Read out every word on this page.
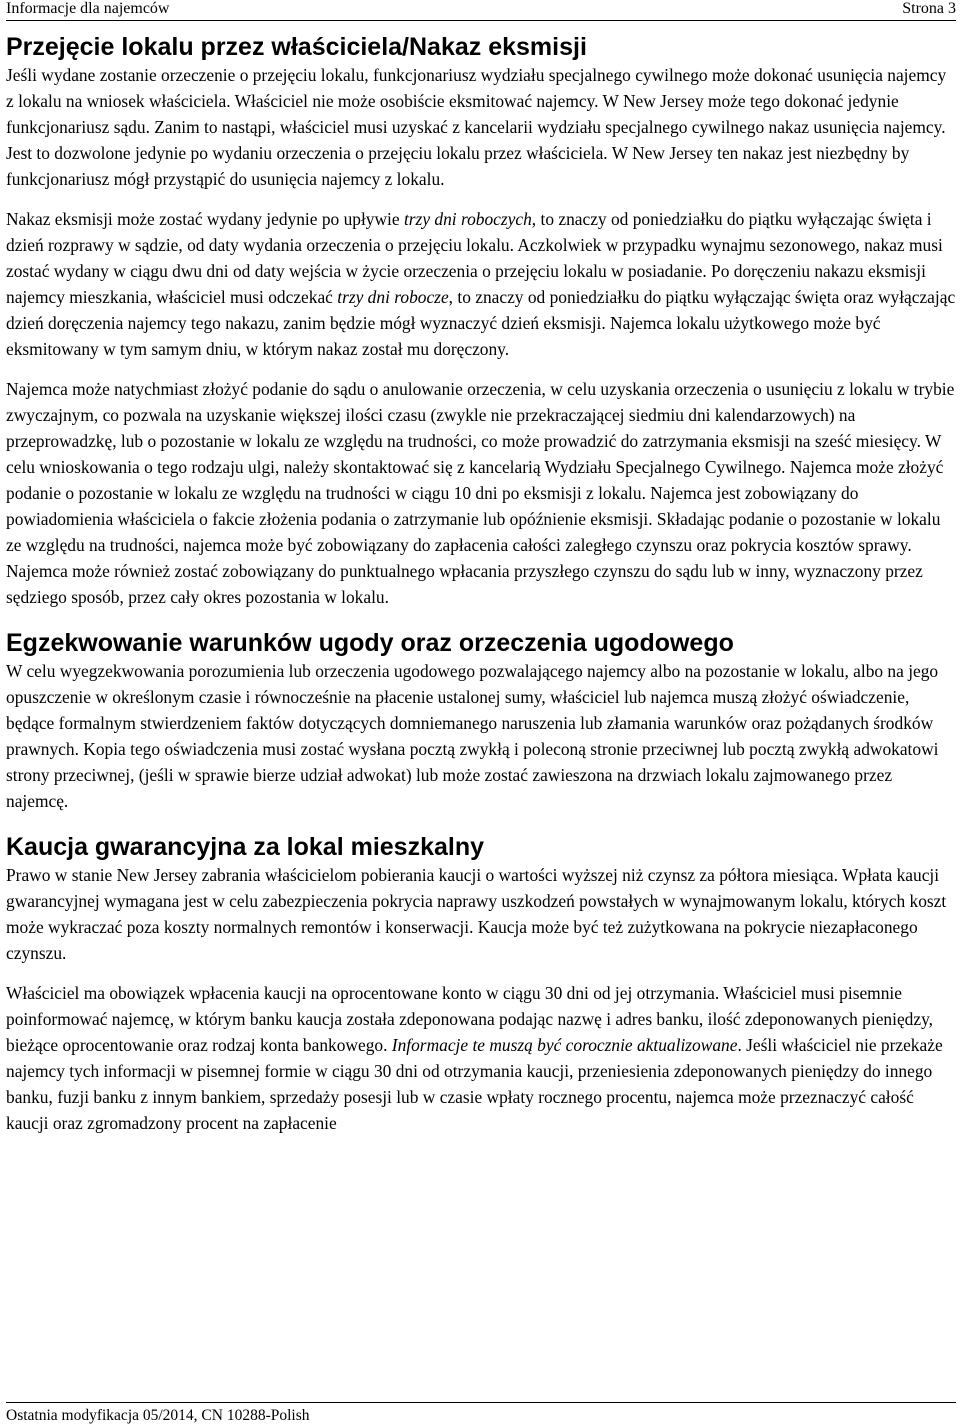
Informacje dla najemców	Strona 3
Przejęcie lokalu przez właściciela/Nakaz eksmisji

Jeśli wydane zostanie orzeczenie o przejęciu lokalu, funkcjonariusz wydziału specjalnego cywilnego może dokonać usunięcia najemcy z lokalu na wniosek właściciela. Właściciel nie może osobiście eksmitować najemcy. W New Jersey może tego dokonać jedynie funkcjonariusz sądu. Zanim to nastąpi, właściciel musi uzyskać z kancelarii wydziału specjalnego cywilnego nakaz usunięcia najemcy. Jest to dozwolone jedynie po wydaniu orzeczenia o przejęciu lokalu przez właściciela. W New Jersey ten nakaz jest niezbędny by funkcjonariusz mógł przystąpić do usunięcia najemcy z lokalu.

Nakaz eksmisji może zostać wydany jedynie po upływie trzy dni roboczych, to znaczy od poniedziałku do piątku wyłączając święta i dzień rozprawy w sądzie, od daty wydania orzeczenia o przejęciu lokalu. Aczkolwiek w przypadku wynajmu sezonowego, nakaz musi zostać wydany w ciągu dwu dni od daty wejścia w życie orzeczenia o przejęciu lokalu w posiadanie. Po doręczeniu nakazu eksmisji najemcy mieszkania, właściciel musi odczekać trzy dni robocze, to znaczy od poniedziałku do piątku wyłączając święta oraz wyłączając dzień doręczenia najemcy tego nakazu, zanim będzie mógł wyznaczyć dzień eksmisji. Najemca lokalu użytkowego może być eksmitowany w tym samym dniu, w którym nakaz został mu doręczony.

Najemca może natychmiast złożyć podanie do sądu o anulowanie orzeczenia, w celu uzyskania orzeczenia o usunięciu z lokalu w trybie zwyczajnym, co pozwala na uzyskanie większej ilości czasu (zwykle nie przekraczającej siedmiu dni kalendarzowych) na przeprowadzkę, lub o pozostanie w lokalu ze względu na trudności, co może prowadzić do zatrzymania eksmisji na sześć miesięcy. W celu wnioskowania o tego rodzaju ulgi, należy skontaktować się z kancelarią Wydziału Specjalnego Cywilnego. Najemca może złożyć podanie o pozostanie w lokalu ze względu na trudności w ciągu 10 dni po eksmisji z lokalu. Najemca jest zobowiązany do powiadomienia właściciela o fakcie złożenia podania o zatrzymanie lub opóźnienie eksmisji. Składając podanie o pozostanie w lokalu ze względu na trudności, najemca może być zobowiązany do zapłacenia całości zaległego czynszu oraz pokrycia kosztów sprawy. Najemca może również zostać zobowiązany do punktualnego wpłacania przyszłego czynszu do sądu lub w inny, wyznaczony przez sędziego sposób, przez cały okres pozostania w lokalu.

Egzekwowanie warunków ugody oraz orzeczenia ugodowego

W celu wyegzekwowania porozumienia lub orzeczenia ugodowego pozwalającego najemcy albo na pozostanie w lokalu, albo na jego opuszczenie w określonym czasie i równocześnie na płacenie ustalonej sumy, właściciel lub najemca muszą złożyć oświadczenie, będące formalnym stwierdzeniem faktów dotyczących domniemanego naruszenia lub złamania warunków oraz pożądanych środków prawnych. Kopia tego oświadczenia musi zostać wysłana pocztą zwykłą i poleconą stronie przeciwnej lub pocztą zwykłą adwokatowi strony przeciwnej, (jeśli w sprawie bierze udział adwokat) lub może zostać zawieszona na drzwiach lokalu zajmowanego przez najemcę.

Kaucja gwarancyjna za lokal mieszkalny

Prawo w stanie New Jersey zabrania właścicielom pobierania kaucji o wartości wyższej niż czynsz za półtora miesiąca. Wpłata kaucji gwarancyjnej wymagana jest w celu zabezpieczenia pokrycia naprawy uszkodzeń powstałych w wynajmowanym lokalu, których koszt może wykraczać poza koszty normalnych remontów i konserwacji. Kaucja może być też zużytkowana na pokrycie niezapłaconego czynszu.

Właściciel ma obowiązek wpłacenia kaucji na oprocentowane konto w ciągu 30 dni od jej otrzymania. Właściciel musi pisemnie poinformować najemcę, w którym banku kaucja została zdeponowana podając nazwę i adres banku, ilość zdeponowanych pieniędzy, bieżące oprocentowanie oraz rodzaj konta bankowego. Informacje te muszą być corocznie aktualizowane. Jeśli właściciel nie przekaże najemcy tych informacji w pisemnej formie w ciągu 30 dni od otrzymania kaucji, przeniesienia zdeponowanych pieniędzy do innego banku, fuzji banku z innym bankiem, sprzedaży posesji lub w czasie wpłaty rocznego procentu, najemca może przeznaczyć całość kaucji oraz zgromadzony procent na zapłacenie

Ostatnia modyfikacja 05/2014, CN 10288-Polish
